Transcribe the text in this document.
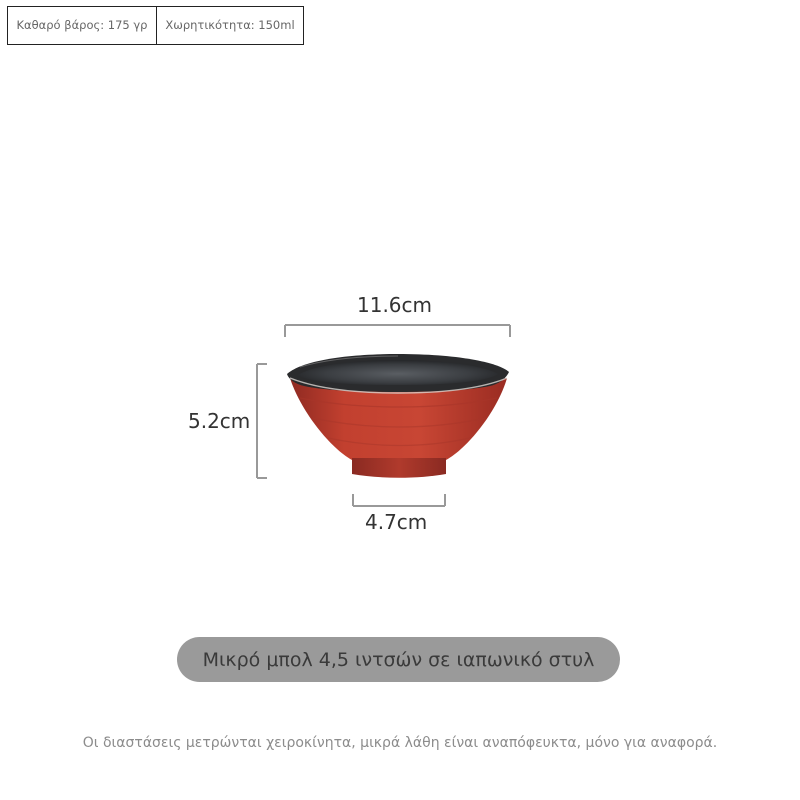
Καθαρό βάρος: 175 γρ	Χωρητικότητα: 150ml
11.6cm
5.2cm
4.7cm
Μικρό μπολ 4,5 ιντσών σε ιαπωνικό στυλ
Οι διαστάσεις μετρώνται χειροκίνητα, μικρά λάθη είναι αναπόφευκτα, μόνο για αναφορά.
